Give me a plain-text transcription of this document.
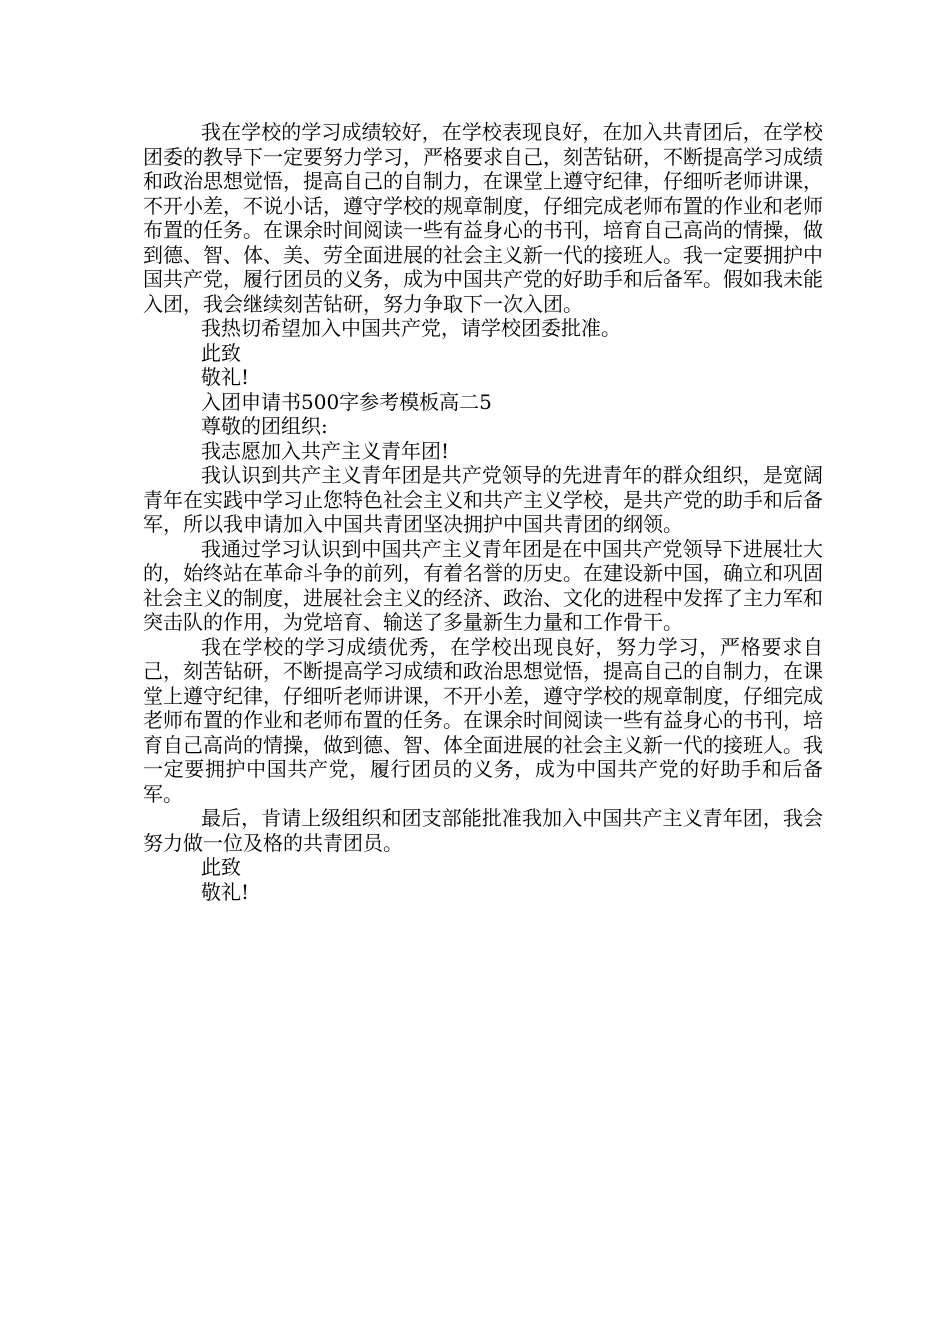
我在学校的学习成绩较好，在学校表现良好，在加入共青团后，在学校团委的教导下一定要努力学习，严格要求自己，刻苦钻研，不断提高学习成绩和政治思想觉悟，提高自己的自制力，在课堂上遵守纪律，仔细听老师讲课，不开小差，不说小话，遵守学校的规章制度，仔细完成老师布置的作业和老师布置的任务。在课余时间阅读一些有益身心的书刊，培育自己高尚的情操，做到德、智、体、美、劳全面进展的社会主义新一代的接班人。我一定要拥护中国共产党，履行团员的义务，成为中国共产党的好助手和后备军。假如我未能入团，我会继续刻苦钻研，努力争取下一次入团。

我热切希望加入中国共产党，请学校团委批准。

此致

敬礼!

入团申请书500字参考模板高二5

尊敬的团组织:

我志愿加入共产主义青年团!

我认识到共产主义青年团是共产党领导的先进青年的群众组织，是宽阔青年在实践中学习止您特色社会主义和共产主义学校，是共产党的助手和后备军，所以我申请加入中国共青团坚决拥护中国共青团的纲领。

我通过学习认识到中国共产主义青年团是在中国共产党领导下进展壮大的，始终站在革命斗争的前列，有着名誉的历史。在建设新中国，确立和巩固社会主义的制度，进展社会主义的经济、政治、文化的进程中发挥了主力军和突击队的作用，为党培育、输送了多量新生力量和工作骨干。

我在学校的学习成绩优秀，在学校出现良好，努力学习，严格要求自己，刻苦钻研，不断提高学习成绩和政治思想觉悟，提高自己的自制力，在课堂上遵守纪律，仔细听老师讲课，不开小差，遵守学校的规章制度，仔细完成老师布置的作业和老师布置的任务。在课余时间阅读一些有益身心的书刊，培育自己高尚的情操，做到德、智、体全面进展的社会主义新一代的接班人。我一定要拥护中国共产党，履行团员的义务，成为中国共产党的好助手和后备军。

最后，肯请上级组织和团支部能批准我加入中国共产主义青年团，我会努力做一位及格的共青团员。

此致

敬礼!
